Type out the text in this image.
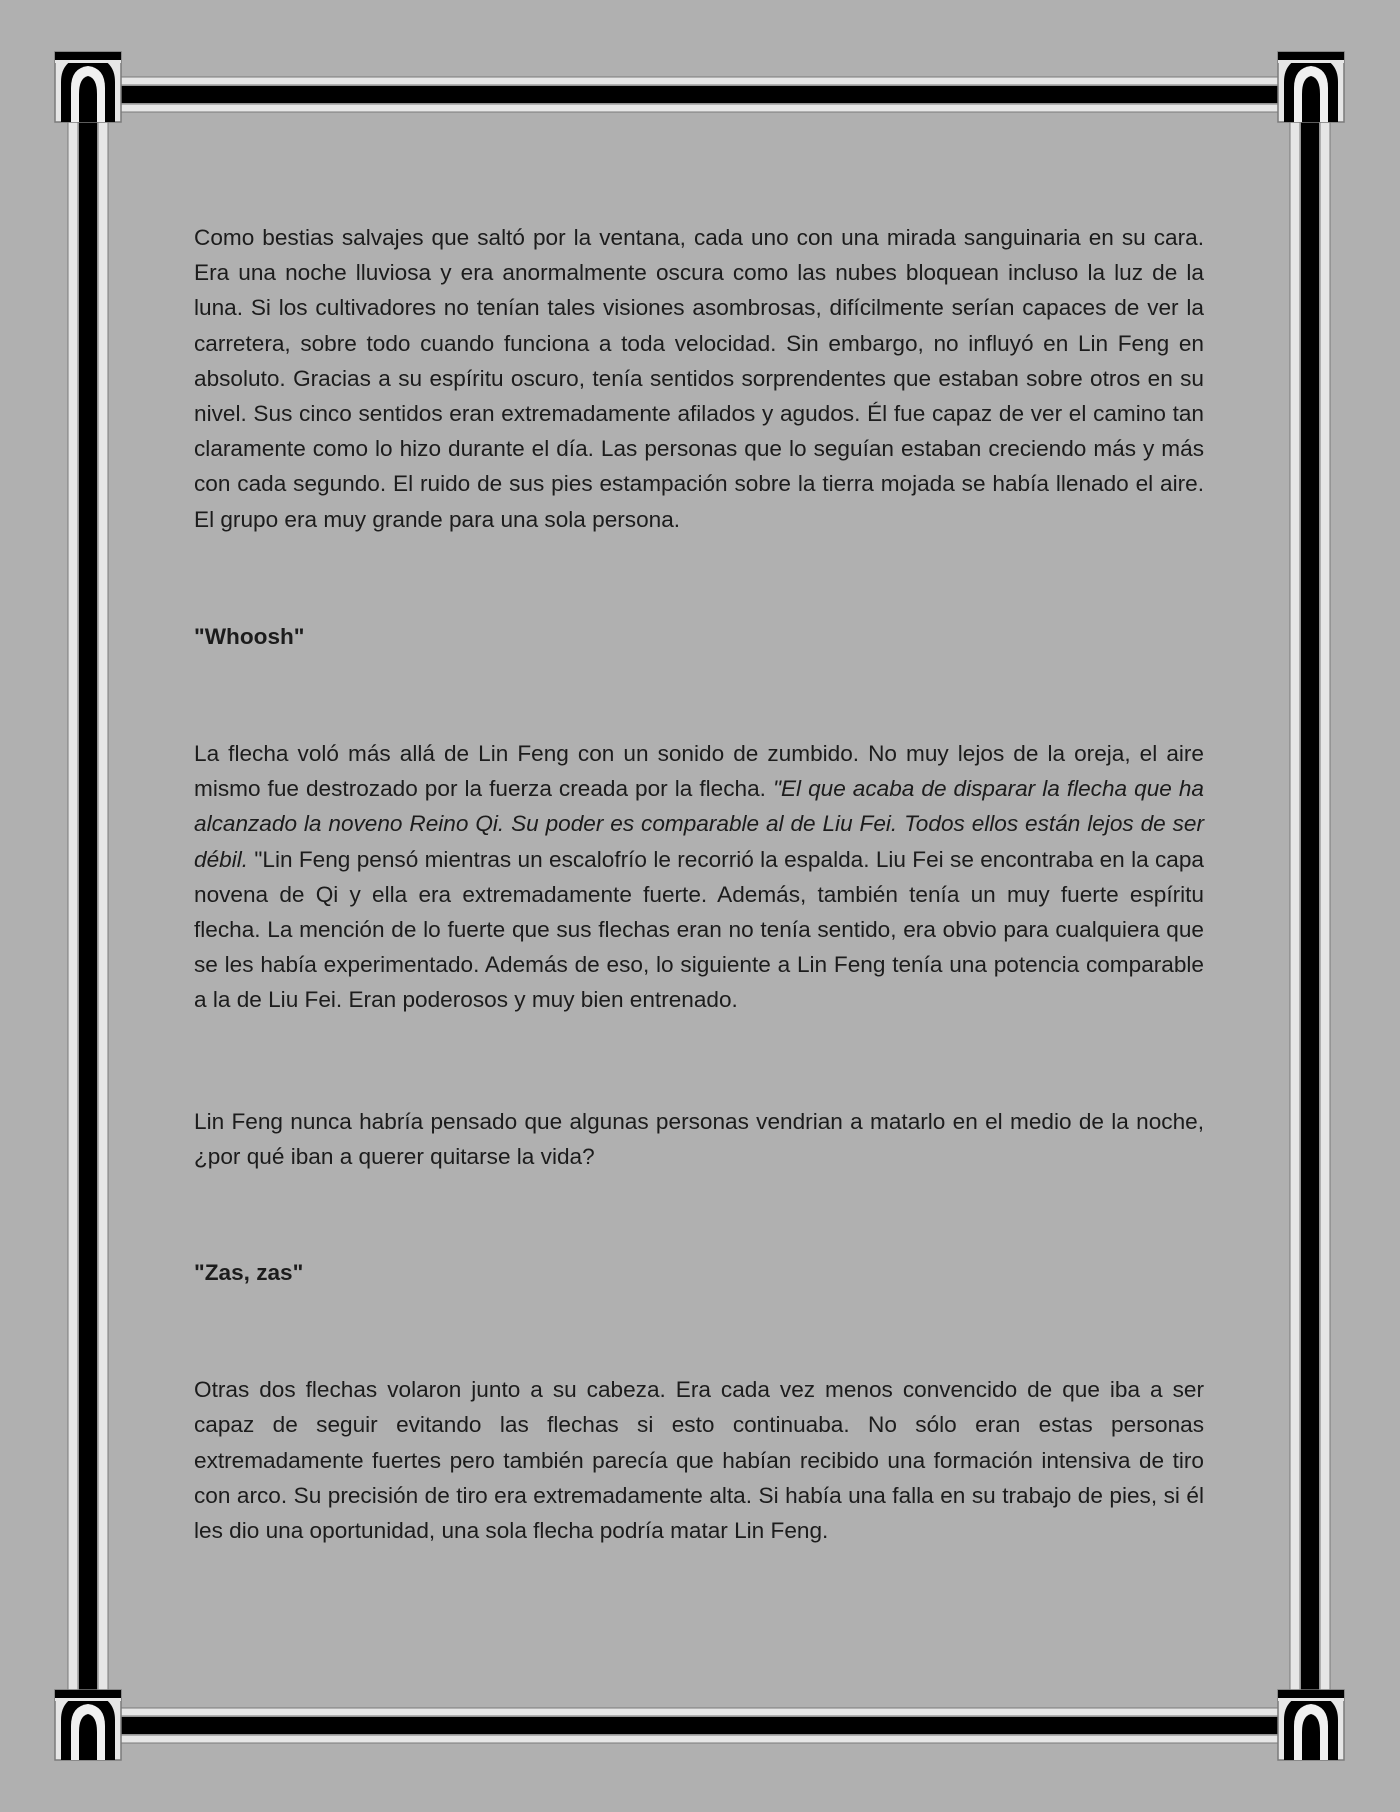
Como bestias salvajes que saltó por la ventana, cada uno con una mirada sanguinaria en su cara. Era una noche lluviosa y era anormalmente oscura como las nubes bloquean incluso la luz de la luna. Si los cultivadores no tenían tales visiones asombrosas, difícilmente serían capaces de ver la carretera, sobre todo cuando funciona a toda velocidad. Sin embargo, no influyó en Lin Feng en absoluto. Gracias a su espíritu oscuro, tenía sentidos sorprendentes que estaban sobre otros en su nivel. Sus cinco sentidos eran extremadamente afilados y agudos. Él fue capaz de ver el camino tan claramente como lo hizo durante el día. Las personas que lo seguían estaban creciendo más y más con cada segundo. El ruido de sus pies estampación sobre la tierra mojada se había llenado el aire. El grupo era muy grande para una sola persona.

"Whoosh"

La flecha voló más allá de Lin Feng con un sonido de zumbido. No muy lejos de la oreja, el aire mismo fue destrozado por la fuerza creada por la flecha. "El que acaba de disparar la flecha que ha alcanzado la noveno Reino Qi. Su poder es comparable al de Liu Fei. Todos ellos están lejos de ser débil. "Lin Feng pensó mientras un escalofrío le recorrió la espalda. Liu Fei se encontraba en la capa novena de Qi y ella era extremadamente fuerte. Además, también tenía un muy fuerte espíritu flecha. La mención de lo fuerte que sus flechas eran no tenía sentido, era obvio para cualquiera que se les había experimentado. Además de eso, lo siguiente a Lin Feng tenía una potencia comparable a la de Liu Fei. Eran poderosos y muy bien entrenado.

Lin Feng nunca habría pensado que algunas personas vendrian a matarlo en el medio de la noche, ¿por qué iban a querer quitarse la vida?

"Zas, zas"

Otras dos flechas volaron junto a su cabeza. Era cada vez menos convencido de que iba a ser capaz de seguir evitando las flechas si esto continuaba. No sólo eran estas personas extremadamente fuertes pero también parecía que habían recibido una formación intensiva de tiro con arco. Su precisión de tiro era extremadamente alta. Si había una falla en su trabajo de pies, si él les dio una oportunidad, una sola flecha podría matar Lin Feng.
